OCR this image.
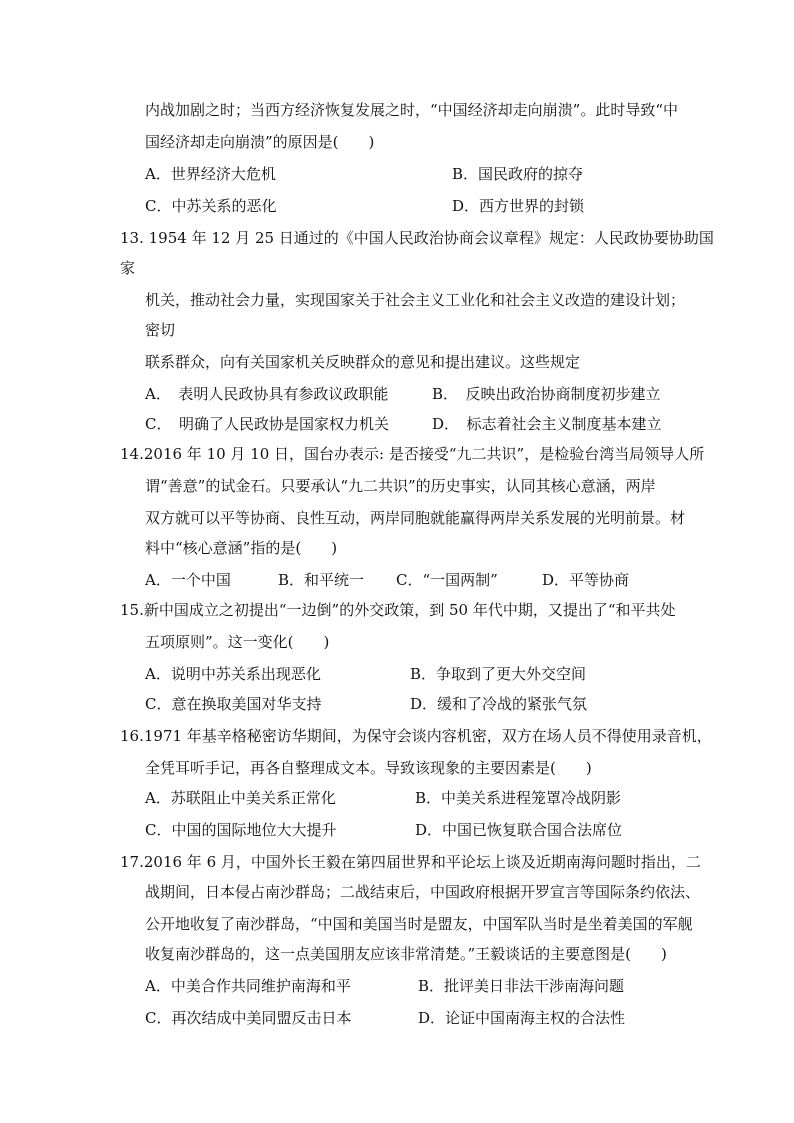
内战加剧之时；当西方经济恢复发展之时，“中国经济却走向崩溃”。此时导致“中
国经济却走向崩溃”的原因是(　　)
A．世界经济大危机	B．国民政府的掠夺
C．中苏关系的恶化	D．西方世界的封锁
13. 1954 年 12 月 25 日通过的《中国人民政治协商会议章程》规定：人民政协要协助国
家
机关，推动社会力量，实现国家关于社会主义工业化和社会主义改造的建设计划；
密切
联系群众，向有关国家机关反映群众的意见和提出建议。这些规定
A．　表明人民政协具有参政议政职能	B．　反映出政治协商制度初步建立
C．　明确了人民政协是国家权力机关	D．　标志着社会主义制度基本建立
14.2016 年 10 月 10 日，国台办表示: 是否接受“九二共识”，是检验台湾当局领导人所
谓“善意”的试金石。只要承认“九二共识”的历史事实，认同其核心意涵，两岸
双方就可以平等协商、良性互动，两岸同胞就能赢得两岸关系发展的光明前景。材
料中“核心意涵”指的是(　　)
A．一个中国	B．和平统一 C．“一国两制”	D．平等协商
15.新中国成立之初提出“一边倒”的外交政策，到 50 年代中期，又提出了“和平共处
五项原则”。这一变化(　　)
A．说明中苏关系出现恶化	B．争取到了更大外交空间
C．意在换取美国对华支持	D．缓和了冷战的紧张气氛
16.1971 年基辛格秘密访华期间，为保守会谈内容机密，双方在场人员不得使用录音机，
全凭耳听手记，再各自整理成文本。导致该现象的主要因素是(　　)
A．苏联阻止中美关系正常化	B．中美关系进程笼罩冷战阴影
C．中国的国际地位大大提升	D．中国已恢复联合国合法席位
17.2016 年 6 月，中国外长王毅在第四届世界和平论坛上谈及近期南海问题时指出，二
战期间，日本侵占南沙群岛；二战结束后，中国政府根据开罗宣言等国际条约依法、
公开地收复了南沙群岛，“中国和美国当时是盟友，中国军队当时是坐着美国的军舰
收复南沙群岛的，这一点美国朋友应该非常清楚。”王毅谈话的主要意图是(　　)
A．中美合作共同维护南海和平	B．批评美日非法干涉南海问题
C．再次结成中美同盟反击日本	D．论证中国南海主权的合法性
